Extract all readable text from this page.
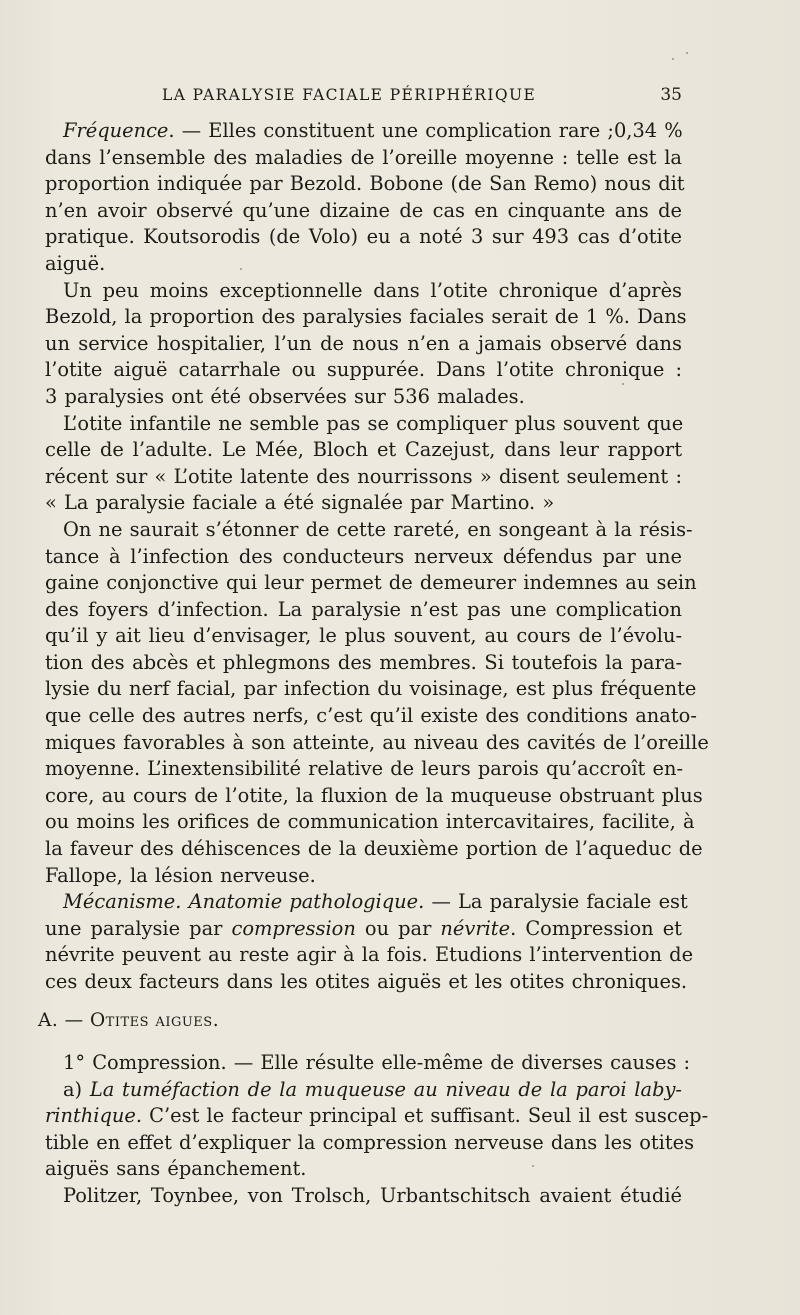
LA PARALYSIE FACIALE PÉRIPHÉRIQUE	35
Fréquence. — Elles constituent une complication rare ;0,34 %
dans l’ensemble des maladies de l’oreille moyenne : telle est la
proportion indiquée par Bezold. Bobone (de San Remo) nous dit
n’en avoir observé qu’une dizaine de cas en cinquante ans de
pratique. Koutsorodis (de Volo) eu a noté 3 sur 493 cas d’otite
aiguë.
Un peu moins exceptionnelle dans l’otite chronique d’après
Bezold, la proportion des paralysies faciales serait de 1 %. Dans
un service hospitalier, l’un de nous n’en a jamais observé dans
l’otite aiguë catarrhale ou suppurée. Dans l’otite chronique :
3 paralysies ont été observées sur 536 malades.
L’otite infantile ne semble pas se compliquer plus souvent que
celle de l’adulte. Le Mée, Bloch et Cazejust, dans leur rapport
récent sur « L’otite latente des nourrissons » disent seulement :
« La paralysie faciale a été signalée par Martino. »
On ne saurait s’étonner de cette rareté, en songeant à la résis-
tance à l’infection des conducteurs nerveux défendus par une
gaine conjonctive qui leur permet de demeurer indemnes au sein
des foyers d’infection. La paralysie n’est pas une complication
qu’il y ait lieu d’envisager, le plus souvent, au cours de l’évolu-
tion des abcès et phlegmons des membres. Si toutefois la para-
lysie du nerf facial, par infection du voisinage, est plus fréquente
que celle des autres nerfs, c’est qu’il existe des conditions anato-
miques favorables à son atteinte, au niveau des cavités de l’oreille
moyenne. L’inextensibilité relative de leurs parois qu’accroît en-
core, au cours de l’otite, la fluxion de la muqueuse obstruant plus
ou moins les orifices de communication intercavitaires, facilite, à
la faveur des déhiscences de la deuxième portion de l’aqueduc de
Fallope, la lésion nerveuse.
Mécanisme. Anatomie pathologique. — La paralysie faciale est
une paralysie par compression ou par névrite. Compression et
névrite peuvent au reste agir à la fois. Etudions l’intervention de
ces deux facteurs dans les otites aiguës et les otites chroniques.
A. — Otites aigues.
1° Compression. — Elle résulte elle-même de diverses causes :
a) La tuméfaction de la muqueuse au niveau de la paroi laby-
rinthique. C’est le facteur principal et suffisant. Seul il est suscep-
tible en effet d’expliquer la compression nerveuse dans les otites
aiguës sans épanchement.
Politzer, Toynbee, von Trolsch, Urbantschitsch avaient étudié
